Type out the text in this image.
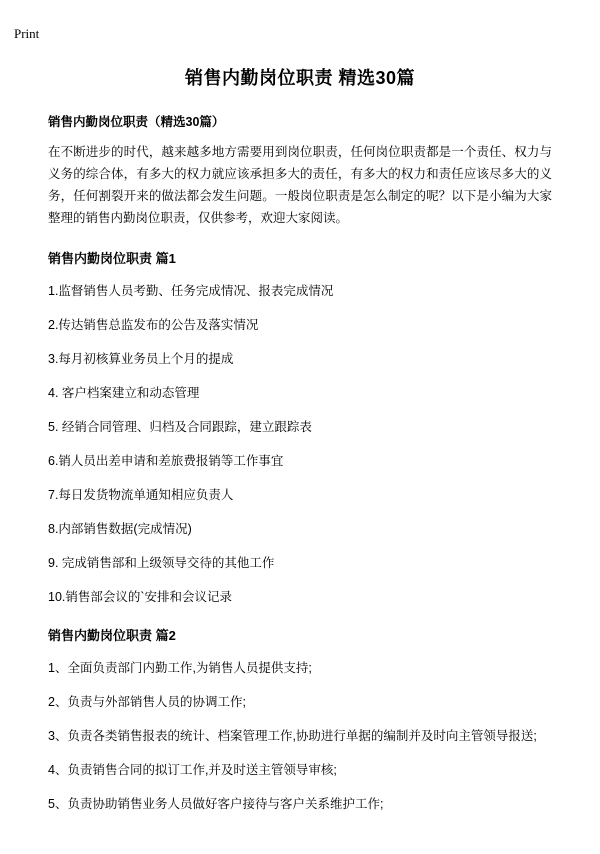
Print
销售内勤岗位职责 精选30篇
销售内勤岗位职责（精选30篇）
在不断进步的时代，越来越多地方需要用到岗位职责，任何岗位职责都是一个责任、权力与义务的综合体，有多大的权力就应该承担多大的责任，有多大的权力和责任应该尽多大的义务，任何割裂开来的做法都会发生问题。一般岗位职责是怎么制定的呢？以下是小编为大家整理的销售内勤岗位职责，仅供参考，欢迎大家阅读。
销售内勤岗位职责 篇1
1.监督销售人员考勤、任务完成情况、报表完成情况
2.传达销售总监发布的公告及落实情况
3.每月初核算业务员上个月的提成
4. 客户档案建立和动态管理
5. 经销合同管理、归档及合同跟踪，建立跟踪表
6.销人员出差申请和差旅费报销等工作事宜
7.每日发货物流单通知相应负责人
8.内部销售数据(完成情况)
9. 完成销售部和上级领导交待的其他工作
10.销售部会议的`安排和会议记录
销售内勤岗位职责 篇2
1、全面负责部门内勤工作,为销售人员提供支持;
2、负责与外部销售人员的协调工作;
3、负责各类销售报表的统计、档案管理工作,协助进行单据的编制并及时向主管领导报送;
4、负责销售合同的拟订工作,并及时送主管领导审核;
5、负责协助销售业务人员做好客户接待与客户关系维护工作;
